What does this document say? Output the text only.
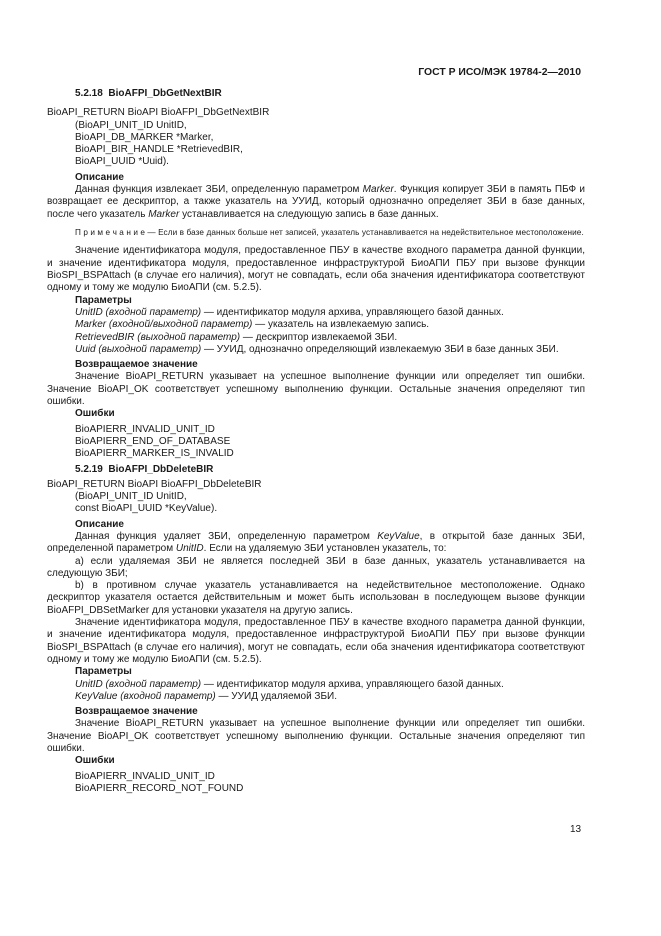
ГОСТ Р ИСО/МЭК 19784-2—2010

5.2.18 BioAFPI_DbGetNextBIR

BioAPI_RETURN BioAPI BioAFPI_DbGetNextBIR

(BioAPI_UNIT_ID UnitID,

BioAPI_DB_MARKER *Marker,

BioAPI_BIR_HANDLE *RetrievedBIR,

BioAPI_UUID *Uuid).

Описание

Данная функция извлекает ЗБИ, определенную параметром Marker. Функция копирует ЗБИ в память ПБФ и возвращает ее дескриптор, а также указатель на УУИД, который однозначно определяет ЗБИ в базе данных, после чего указатель Marker устанавливается на следующую запись в базе данных.

П р и м е ч а н и е — Если в базе данных больше нет записей, указатель устанавливается на недействительное местоположение.

Значение идентификатора модуля, предоставленное ПБУ в качестве входного параметра данной функции, и значение идентификатора модуля, предоставленное инфраструктурой БиоАПИ ПБУ при вызове функции BioSPI_BSPAttach (в случае его наличия), могут не совпадать, если оба значения идентификатора соответствуют одному и тому же модулю БиоАПИ (см. 5.2.5).

Параметры

UnitID (входной параметр) — идентификатор модуля архива, управляющего базой данных.

Marker (входной/выходной параметр) — указатель на извлекаемую запись.

RetrievedBIR (выходной параметр) — дескриптор извлекаемой ЗБИ.

Uuid (выходной параметр) — УУИД, однозначно определяющий извлекаемую ЗБИ в базе данных ЗБИ.

Возвращаемое значение

Значение BioAPI_RETURN указывает на успешное выполнение функции или определяет тип ошибки. Значение BioAPI_OK соответствует успешному выполнению функции. Остальные значения определяют тип ошибки.

Ошибки

BioAPIERR_INVALID_UNIT_ID

BioAPIERR_END_OF_DATABASE

BioAPIERR_MARKER_IS_INVALID

5.2.19 BioAFPI_DbDeleteBIR

BioAPI_RETURN BioAPI BioAFPI_DbDeleteBIR

(BioAPI_UNIT_ID UnitID,

const BioAPI_UUID *KeyValue).

Описание

Данная функция удаляет ЗБИ, определенную параметром KeyValue, в открытой базе данных ЗБИ, определенной параметром UnitID. Если на удаляемую ЗБИ установлен указатель, то:

a) если удаляемая ЗБИ не является последней ЗБИ в базе данных, указатель устанавливается на следующую ЗБИ;

b) в противном случае указатель устанавливается на недействительное местоположение. Однако дескриптор указателя остается действительным и может быть использован в последующем вызове функции BioAFPI_DBSetMarker для установки указателя на другую запись.

Значение идентификатора модуля, предоставленное ПБУ в качестве входного параметра данной функции, и значение идентификатора модуля, предоставленное инфраструктурой БиоАПИ ПБУ при вызове функции BioSPI_BSPAttach (в случае его наличия), могут не совпадать, если оба значения идентификатора соответствуют одному и тому же модулю БиоАПИ (см. 5.2.5).

Параметры

UnitID (входной параметр) — идентификатор модуля архива, управляющего базой данных.

KeyValue (входной параметр) — УУИД удаляемой ЗБИ.

Возвращаемое значение

Значение BioAPI_RETURN указывает на успешное выполнение функции или определяет тип ошибки. Значение BioAPI_OK соответствует успешному выполнению функции. Остальные значения определяют тип ошибки.

Ошибки

BioAPIERR_INVALID_UNIT_ID

BioAPIERR_RECORD_NOT_FOUND

13
